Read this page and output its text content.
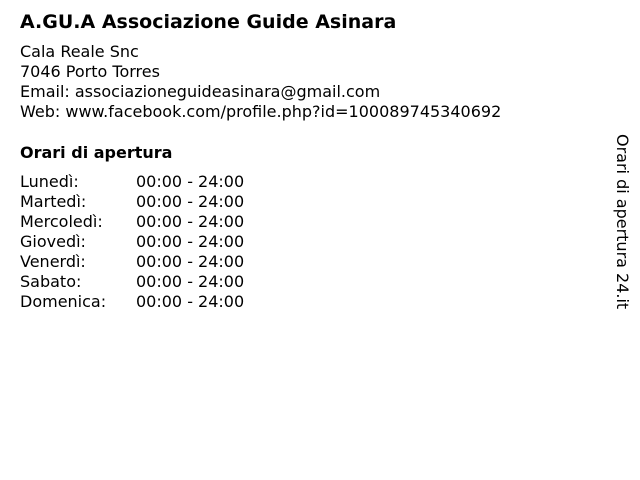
A.GU.A Associazione Guide Asinara
Cala Reale Snc
7046 Porto Torres
Email: associazioneguideasinara@gmail.com
Web: www.facebook.com/profile.php?id=100089745340692
Orari di apertura
Lunedì:	00:00 - 24:00
Martedì:	00:00 - 24:00
Mercoledì:	00:00 - 24:00
Giovedì:	00:00 - 24:00
Venerdì:	00:00 - 24:00
Sabato:	00:00 - 24:00
Domenica:	00:00 - 24:00	Orari di apertura 24.it
